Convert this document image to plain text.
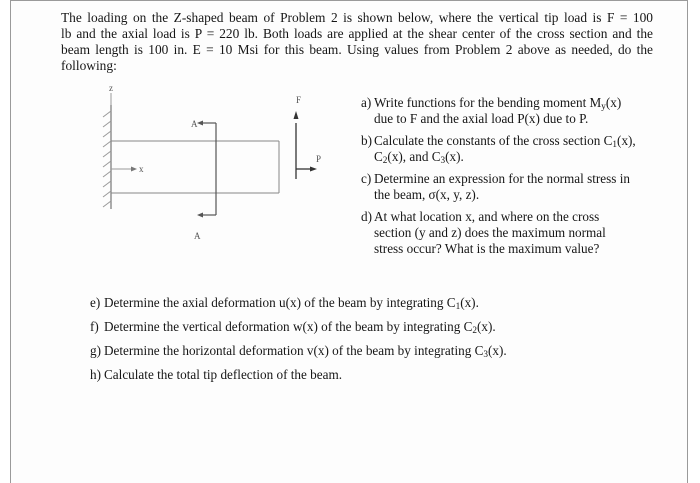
The loading on the Z-shaped beam of Problem 2 is shown below, where the vertical tip load is F = 100
lb and the axial load is P = 220 lb. Both loads are applied at the shear center of the cross section and the
beam length is 100 in. E = 10 Msi for this beam. Using values from Problem 2 above as needed, do the
following:

z
x
A
A
F
P
a) Write functions for the bending moment $M_y(x)$
due to F and the axial load P(x) due to P.
b) Calculate the constants of the cross section $C_1(x)$,
$C_2(x)$, and $C_3(x)$.
c) Determine an expression for the normal stress in
the beam, σ(x, y, z).
d) At what location x, and where on the cross
section (y and z) does the maximum normal
stress occur? What is the maximum value?
e) Determine the axial deformation u(x) of the beam by integrating $C_1(x)$.
f) Determine the vertical deformation w(x) of the beam by integrating $C_2(x)$.
g) Determine the horizontal deformation v(x) of the beam by integrating $C_3(x)$.
h) Calculate the total tip deflection of the beam.
